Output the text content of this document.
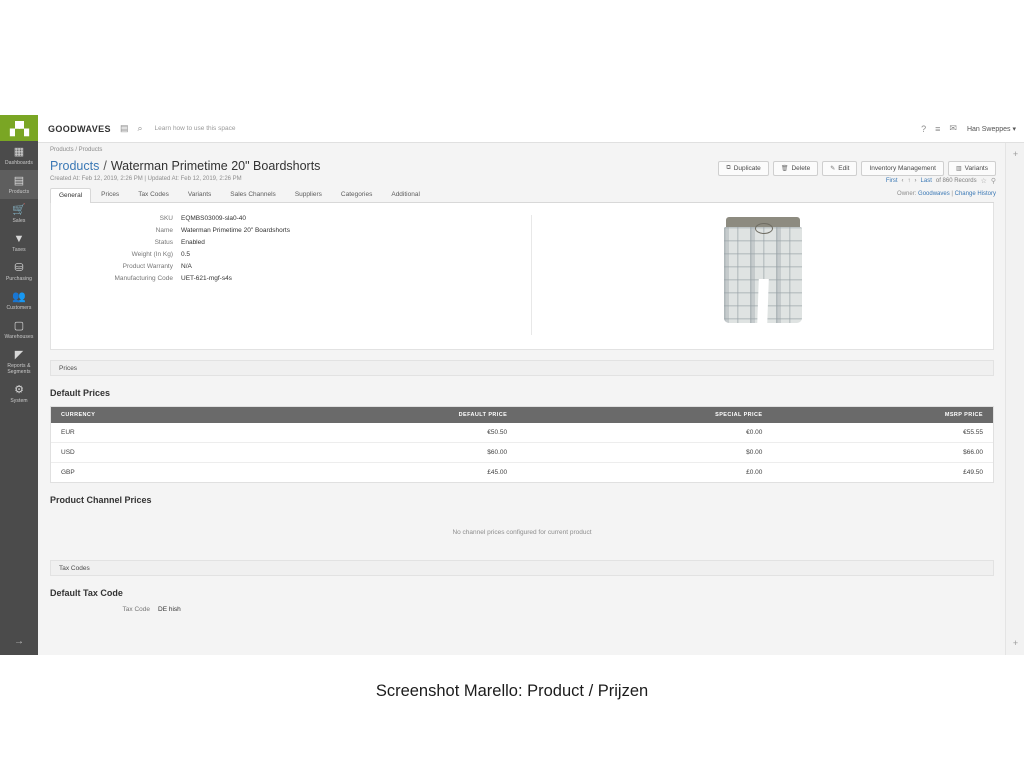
▞▚
▦
Dashboards
▤
Products
🛒
Sales
▼
Taxes
⛁
Purchasing
👥
Customers
▢
Warehouses
◤
Reports & Segments
⚙
System
→
GOODWAVES ▤ ⌕ Learn how to use this space	? ≡ ✉ Han Sweppes ▾
Products / Products
Products / Waterman Primetime 20" Boardshorts
Created At: Feb 12, 2019, 2:26 PM | Updated At: Feb 12, 2019, 2:26 PM
⧉ Duplicate	🗑 Delete	✎ Edit	Inventory Management	▥ Variants
First ‹ ↑ › Last of 860 Records ☆ ⚲
Owner: Goodwaves | Change History
General	Prices	Tax Codes	Variants	Sales Channels	Suppliers	Categories	Additional
SKU	EQMBS03009-sla0-40
Name	Waterman Primetime 20" Boardshorts
Status	Enabled
Weight (In Kg)	0.5
Product Warranty	N/A
Manufacturing Code	UET-621-mgf-s4s
Prices
Default Prices
CURRENCY	DEFAULT PRICE	SPECIAL PRICE	MSRP PRICE
EUR	€50.50	€0.00	€55.55
USD	$60.00	$0.00	$66.00
GBP	£45.00	£0.00	£49.50
Product Channel Prices
No channel prices configured for current product
Tax Codes
Default Tax Code
Tax Code	DE hish
+
+
Screenshot Marello: Product / Prijzen
